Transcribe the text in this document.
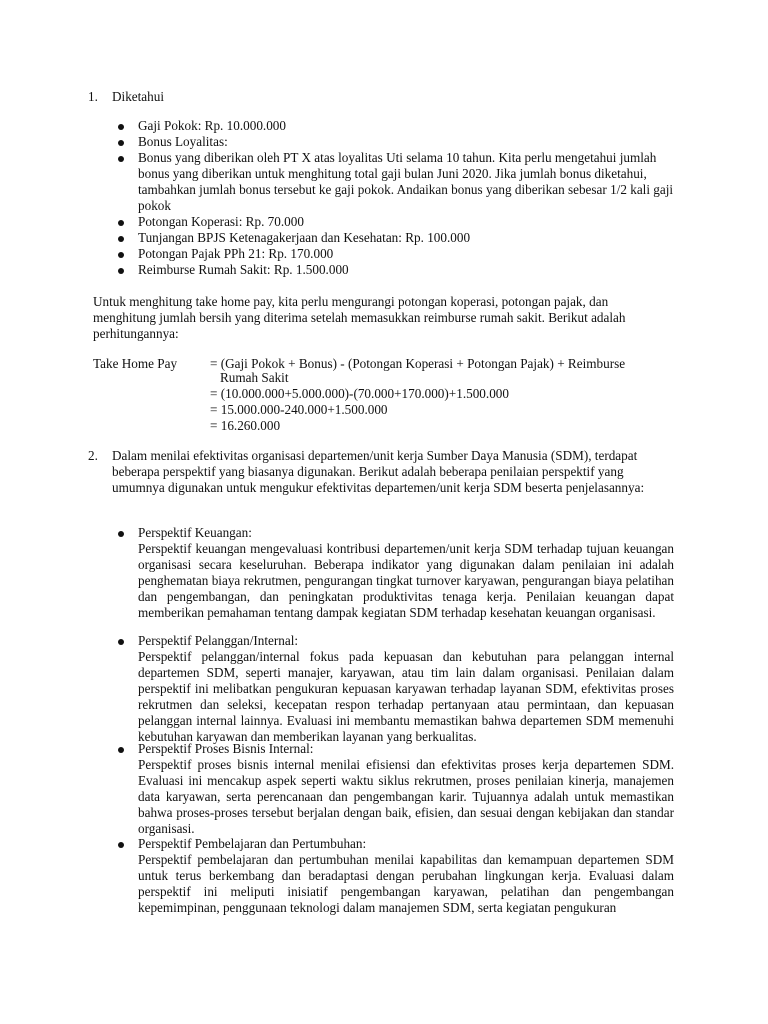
1. Diketahui
Gaji Pokok: Rp. 10.000.000
Bonus Loyalitas:
Bonus yang diberikan oleh PT X atas loyalitas Uti selama 10 tahun. Kita perlu mengetahui jumlah bonus yang diberikan untuk menghitung total gaji bulan Juni 2020. Jika jumlah bonus diketahui, tambahkan jumlah bonus tersebut ke gaji pokok. Andaikan bonus yang diberikan sebesar 1/2 kali gaji pokok
Potongan Koperasi: Rp. 70.000
Tunjangan BPJS Ketenagakerjaan dan Kesehatan: Rp. 100.000
Potongan Pajak PPh 21: Rp. 170.000
Reimburse Rumah Sakit: Rp. 1.500.000
Untuk menghitung take home pay, kita perlu mengurangi potongan koperasi, potongan pajak, dan menghitung jumlah bersih yang diterima setelah memasukkan reimburse rumah sakit. Berikut adalah perhitungannya:
Take Home Pay = (Gaji Pokok + Bonus) - (Potongan Koperasi + Potongan Pajak) + Reimburse
Rumah Sakit
= (10.000.000+5.000.000)-(70.000+170.000)+1.500.000
= 15.000.000-240.000+1.500.000
= 16.260.000
2. Dalam menilai efektivitas organisasi departemen/unit kerja Sumber Daya Manusia (SDM), terdapat beberapa perspektif yang biasanya digunakan. Berikut adalah beberapa penilaian perspektif yang umumnya digunakan untuk mengukur efektivitas departemen/unit kerja SDM beserta penjelasannya:
Perspektif Keuangan:
Perspektif keuangan mengevaluasi kontribusi departemen/unit kerja SDM terhadap tujuan keuangan organisasi secara keseluruhan. Beberapa indikator yang digunakan dalam penilaian ini adalah penghematan biaya rekrutmen, pengurangan tingkat turnover karyawan, pengurangan biaya pelatihan dan pengembangan, dan peningkatan produktivitas tenaga kerja. Penilaian keuangan dapat memberikan pemahaman tentang dampak kegiatan SDM terhadap kesehatan keuangan organisasi.
Perspektif Pelanggan/Internal:
Perspektif pelanggan/internal fokus pada kepuasan dan kebutuhan para pelanggan internal departemen SDM, seperti manajer, karyawan, atau tim lain dalam organisasi. Penilaian dalam perspektif ini melibatkan pengukuran kepuasan karyawan terhadap layanan SDM, efektivitas proses rekrutmen dan seleksi, kecepatan respon terhadap pertanyaan atau permintaan, dan kepuasan pelanggan internal lainnya. Evaluasi ini membantu memastikan bahwa departemen SDM memenuhi kebutuhan karyawan dan memberikan layanan yang berkualitas.
Perspektif Proses Bisnis Internal:
Perspektif proses bisnis internal menilai efisiensi dan efektivitas proses kerja departemen SDM. Evaluasi ini mencakup aspek seperti waktu siklus rekrutmen, proses penilaian kinerja, manajemen data karyawan, serta perencanaan dan pengembangan karir. Tujuannya adalah untuk memastikan bahwa proses-proses tersebut berjalan dengan baik, efisien, dan sesuai dengan kebijakan dan standar organisasi.
Perspektif Pembelajaran dan Pertumbuhan:
Perspektif pembelajaran dan pertumbuhan menilai kapabilitas dan kemampuan departemen SDM untuk terus berkembang dan beradaptasi dengan perubahan lingkungan kerja. Evaluasi dalam perspektif ini meliputi inisiatif pengembangan karyawan, pelatihan dan pengembangan kepemimpinan, penggunaan teknologi dalam manajemen SDM, serta kegiatan pengukuran
